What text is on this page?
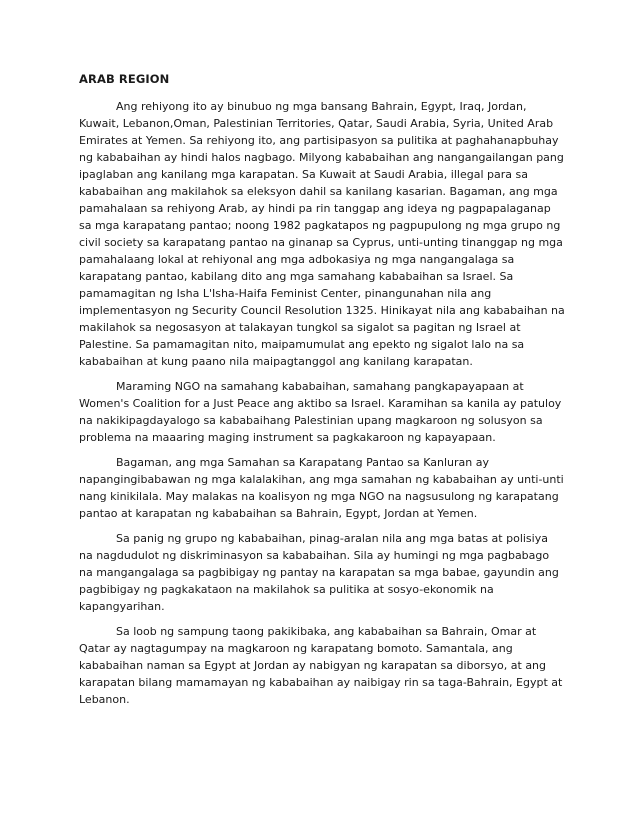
ARAB REGION

Ang rehiyong ito ay binubuo ng mga bansang Bahrain, Egypt, Iraq, Jordan, Kuwait, Lebanon,Oman, Palestinian Territories, Qatar, Saudi Arabia, Syria, United Arab Emirates at Yemen. Sa rehiyong ito, ang partisipasyon sa pulitika at paghahanapbuhay ng kababaihan ay hindi halos nagbago. Milyong kababaihan ang nangangailangan pang ipaglaban ang kanilang mga karapatan. Sa Kuwait at Saudi Arabia, illegal para sa kababaihan ang makilahok sa eleksyon dahil sa kanilang kasarian. Bagaman, ang mga pamahalaan sa rehiyong Arab, ay hindi pa rin tanggap ang ideya ng pagpapalaganap sa mga karapatang pantao; noong 1982 pagkatapos ng pagpupulong ng mga grupo ng civil society sa karapatang pantao na ginanap sa Cyprus, unti-unting tinanggap ng mga pamahalaang lokal at rehiyonal ang mga adbokasiya ng mga nangangalaga sa karapatang pantao, kabilang dito ang mga samahang kababaihan sa Israel. Sa pamamagitan ng Isha L'Isha-Haifa Feminist Center, pinangunahan nila ang implementasyon ng Security Council Resolution 1325. Hinikayat nila ang kababaihan na makilahok sa negosasyon at talakayan tungkol sa sigalot sa pagitan ng Israel at Palestine. Sa pamamagitan nito, maipamumulat ang epekto ng sigalot lalo na sa kababaihan at kung paano nila maipagtanggol ang kanilang karapatan.

Maraming NGO na samahang kababaihan, samahang pangkapayapaan at Women's Coalition for a Just Peace ang aktibo sa Israel. Karamihan sa kanila ay patuloy na nakikipagdayalogo sa kababaihang Palestinian upang magkaroon ng solusyon sa problema na maaaring maging instrument sa pagkakaroon ng kapayapaan.

Bagaman, ang mga Samahan sa Karapatang Pantao sa Kanluran ay napangingibabawan ng mga kalalakihan, ang mga samahan ng kababaihan ay unti-unti nang kinikilala. May malakas na koalisyon ng mga NGO na nagsusulong ng karapatang pantao at karapatan ng kababaihan sa Bahrain, Egypt, Jordan at Yemen.

Sa panig ng grupo ng kababaihan, pinag-aralan nila ang mga batas at polisiya na nagdudulot ng diskriminasyon sa kababaihan. Sila ay humingi ng mga pagbabago na mangangalaga sa pagbibigay ng pantay na karapatan sa mga babae, gayundin ang pagbibigay ng pagkakataon na makilahok sa pulitika at sosyo-ekonomik na kapangyarihan.

Sa loob ng sampung taong pakikibaka, ang kababaihan sa Bahrain, Omar at Qatar ay nagtagumpay na magkaroon ng karapatang bomoto. Samantala, ang kababaihan naman sa Egypt at Jordan ay nabigyan ng karapatan sa diborsyo, at ang karapatan bilang mamamayan ng kababaihan ay naibigay rin sa taga-Bahrain, Egypt at Lebanon.
